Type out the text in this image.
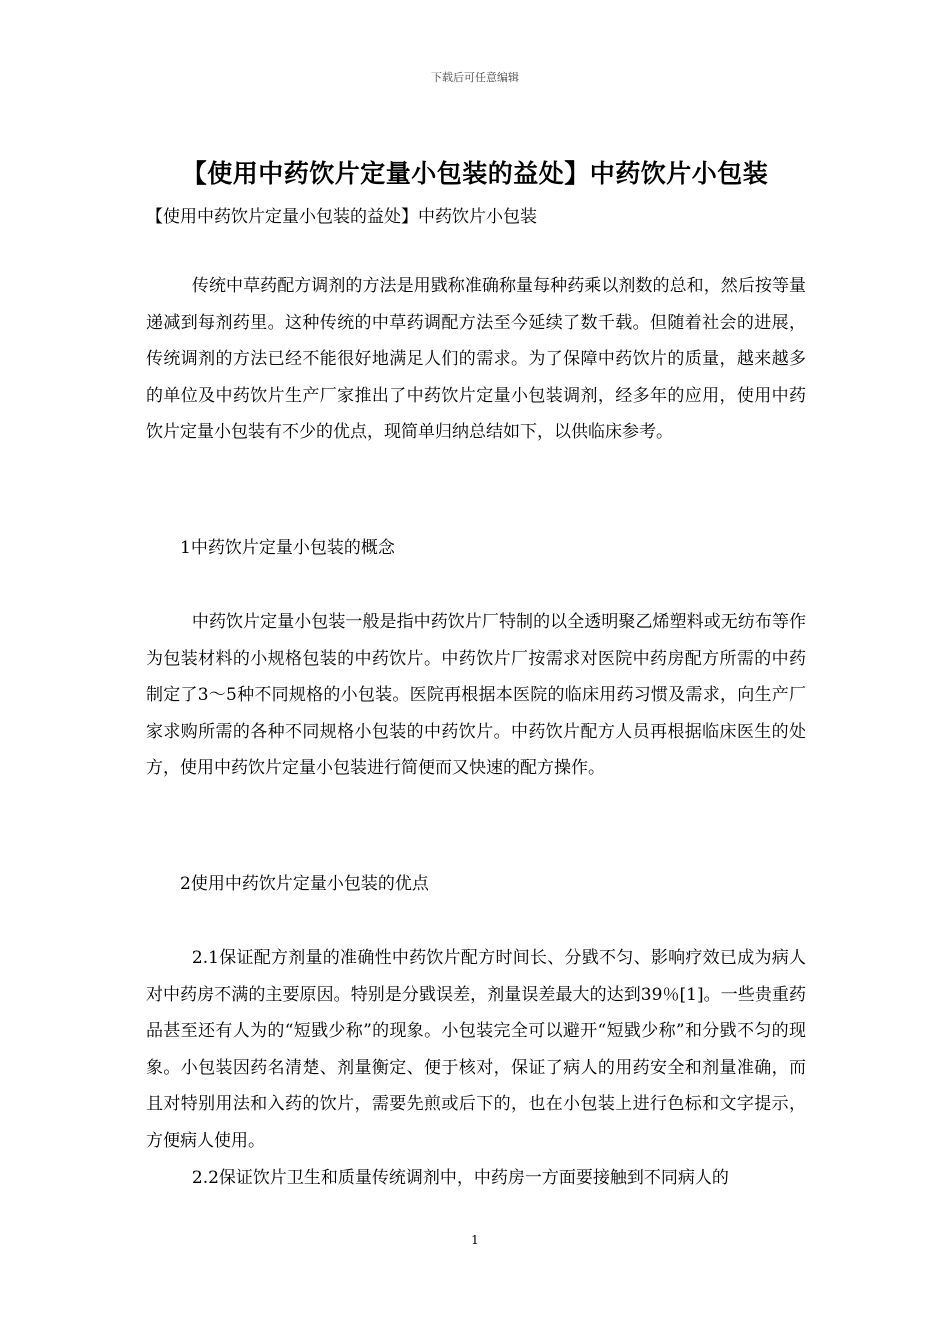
下载后可任意编辑
【使用中药饮片定量小包装的益处】中药饮片小包装
【使用中药饮片定量小包装的益处】中药饮片小包装

传统中草药配方调剂的方法是用戥称准确称量每种药乘以剂数的总和，然后按等量递减到每剂药里。这种传统的中草药调配方法至今延续了数千载。但随着社会的进展，传统调剂的方法已经不能很好地满足人们的需求。为了保障中药饮片的质量，越来越多的单位及中药饮片生产厂家推出了中药饮片定量小包装调剂，经多年的应用，使用中药饮片定量小包装有不少的优点，现简单归纳总结如下，以供临床参考。

1中药饮片定量小包装的概念

中药饮片定量小包装一般是指中药饮片厂特制的以全透明聚乙烯塑料或无纺布等作为包装材料的小规格包装的中药饮片。中药饮片厂按需求对医院中药房配方所需的中药制定了3～5种不同规格的小包装。医院再根据本医院的临床用药习惯及需求，向生产厂家求购所需的各种不同规格小包装的中药饮片。中药饮片配方人员再根据临床医生的处方，使用中药饮片定量小包装进行简便而又快速的配方操作。

2使用中药饮片定量小包装的优点

2.1保证配方剂量的准确性中药饮片配方时间长、分戥不匀、影响疗效已成为病人对中药房不满的主要原因。特别是分戥误差，剂量误差最大的达到39％[1]。一些贵重药品甚至还有人为的“短戥少称”的现象。小包装完全可以避开“短戥少称”和分戥不匀的现象。小包装因药名清楚、剂量衡定、便于核对，保证了病人的用药安全和剂量准确，而且对特别用法和入药的饮片，需要先煎或后下的，也在小包装上进行色标和文字提示，方便病人使用。

2.2保证饮片卫生和质量传统调剂中，中药房一方面要接触到不同病人的

1
